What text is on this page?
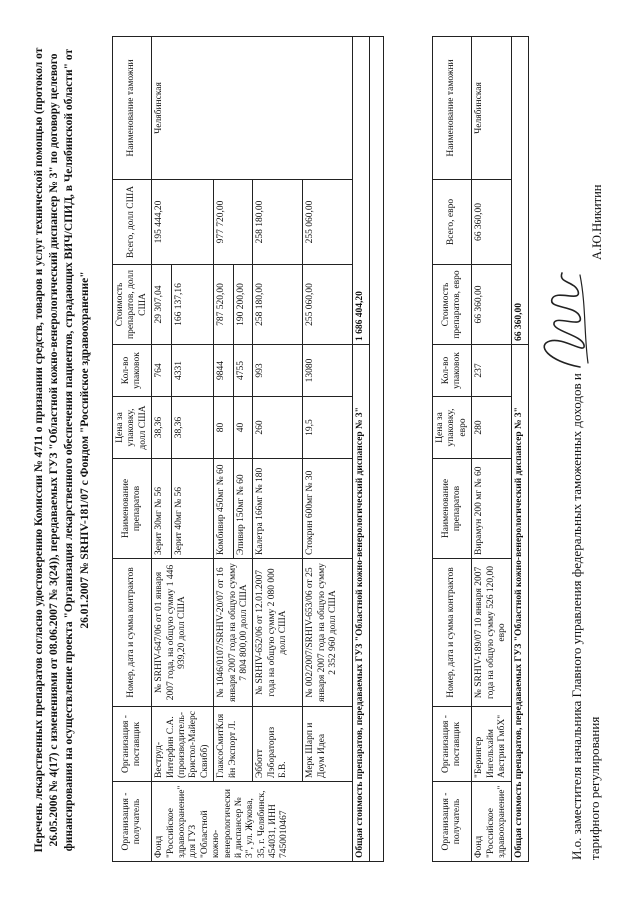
Перечень лекарственных препаратов согласно удостоверению Комиссии № 4711 о признании средств, товаров и услуг технической помощью (протокол от 26.05.2006 № 4(17) с изменениями от 08.06.2007 № 3(24)), передаваемых ГУЗ "Областной кожно-венерологический диспансер № 3" по договору целевого финансирования на осуществление проекта "Организация лекарственного обеспечения пациентов, страдающих ВИЧ/СПИД, в Челябинской области" от 26.01.2007 № SRHIV-181/07 с Фондом "Российское здравоохранение"
Организация - получатель	Организация - поставщик	Номер, дата и сумма контрактов	Наименование препаратов	Цена за упаковку, долл США	Кол-во упаковок	Стоимость препаратов, долл США	Всего, долл США	Наименование таможни
Фонд "Российское здравоохранение" для ГУЗ "Областной кожно-венерологический диспансер № 3", ул. Жукова, 35, г. Челябинск, 454031, ИНН 7450010467	Веструд-Интерфин С.А.(производитель-Бристол-Майерс Сквибб)	№ SRHIV-647/06 от 01 января 2007 года, на общую сумму 1 446 939,20 долл США	Зерит 30мг № 56	38,36	764	29 307,04	195 444,20	Челябинская
			Зерит 40мг № 56	38,36	4331	166 137,16		
	ГлаксоСмитКляйн Экспорт Л.	№ 1046/0107/SRHIV-20/07 от 16 января 2007 года на общую сумму 7 804 800,00 долл США	Комбивир 450мг № 60	80	9844	787 520,00	977 720,00	
			Эпивир 150мг № 60	40	4755	190 200,00		
	Эбботт Лэбораториз Б.В.	№ SRHIV-652/06 от 12.01.2007 года на общую сумму 2 080 000 долл США	Калетра 166мг № 180	260	993	258 180,00	258 180,00	
	Мерк Шарп и Доум Идеа	№ 002/2007/SRHIV-653/06 от 25 января 2007 года на общую сумму 2 352 960 долл США	Стокрин 600мг № 30	19,5	13080	255 060,00	255 060,00	
Общая стоимость препаратов, передаваемых ГУЗ "Областной кожно-венерологический диспансер № 3"						1 686 404,20		

Организация - получатель	Организация - поставщик	Номер, дата и сумма контрактов	Наименование препаратов	Цена за упаковку, евро	Кол-во упаковок	Стоимость препаратов, евро	Всего, евро	Наименование таможни
Фонд "Российское здравоохранение"	"Берингер Ингельхайм Австрия ГмбХ"	№ SRHIV-189/07 10 января 2007 года на общую сумму 526 120,00 евро	Вирамун 200 мг № 60	280	237	66 360,00	66 360,00	Челябинская
Общая стоимость препаратов, передаваемых ГУЗ "Областной кожно-венерологический диспансер № 3"						66 360,00		
И.о. заместителя начальника Главного управления федеральных таможенных доходов и тарифного регулирования
А.Ю.Никитин
